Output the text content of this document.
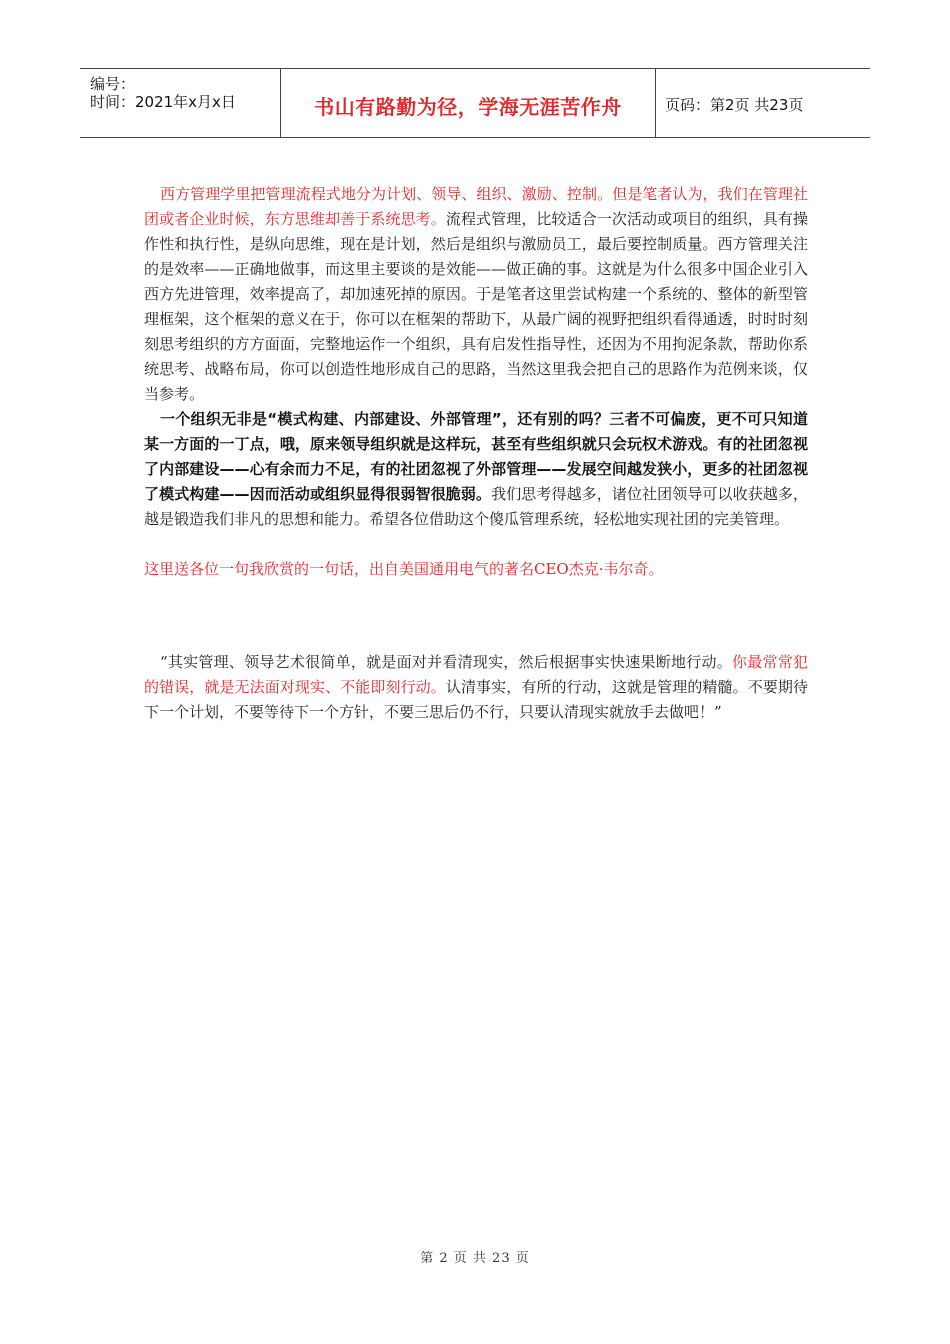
编号：
时间：2021年x月x日	书山有路勤为径，学海无涯苦作舟	页码：第2页 共23页

西方管理学里把管理流程式地分为计划、领导、组织、激励、控制。但是笔者认为，我们在管理社团或者企业时候，东方思维却善于系统思考。流程式管理，比较适合一次活动或项目的组织，具有操作性和执行性，是纵向思维，现在是计划，然后是组织与激励员工，最后要控制质量。西方管理关注的是效率——正确地做事，而这里主要谈的是效能——做正确的事。这就是为什么很多中国企业引入西方先进管理，效率提高了，却加速死掉的原因。于是笔者这里尝试构建一个系统的、整体的新型管理框架，这个框架的意义在于，你可以在框架的帮助下，从最广阔的视野把组织看得通透，时时时刻刻思考组织的方方面面，完整地运作一个组织，具有启发性指导性，还因为不用拘泥条款，帮助你系统思考、战略布局，你可以创造性地形成自己的思路，当然这里我会把自己的思路作为范例来谈，仅当参考。

一个组织无非是“模式构建、内部建设、外部管理”，还有别的吗？三者不可偏废，更不可只知道某一方面的一丁点，哦，原来领导组织就是这样玩，甚至有些组织就只会玩权术游戏。有的社团忽视了内部建设——心有余而力不足，有的社团忽视了外部管理——发展空间越发狭小，更多的社团忽视了模式构建——因而活动或组织显得很弱智很脆弱。我们思考得越多，诸位社团领导可以收获越多，越是锻造我们非凡的思想和能力。希望各位借助这个傻瓜管理系统，轻松地实现社团的完美管理。

这里送各位一句我欣赏的一句话，出自美国通用电气的著名CEO杰克·韦尔奇。

“其实管理、领导艺术很简单，就是面对并看清现实，然后根据事实快速果断地行动。你最常常犯的错误，就是无法面对现实、不能即刻行动。认清事实，有所的行动，这就是管理的精髓。不要期待下一个计划，不要等待下一个方针，不要三思后仍不行，只要认清现实就放手去做吧！”

第 2 页 共 23 页
